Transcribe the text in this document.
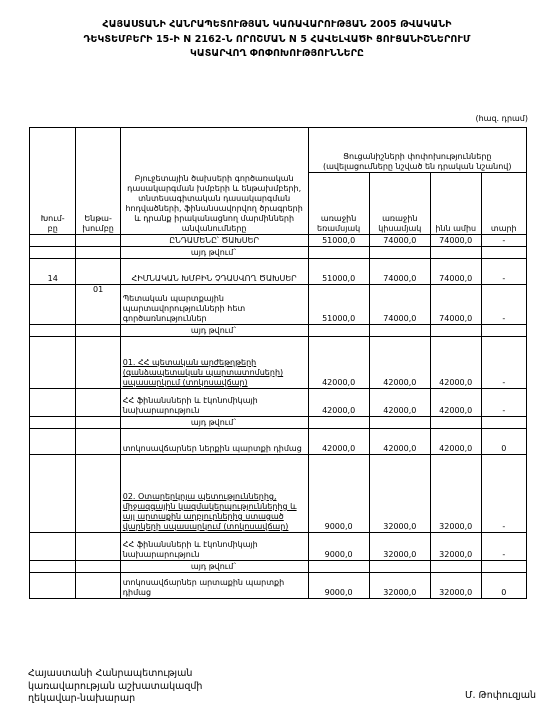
ՀԱՅԱՍՏԱՆԻ ՀԱՆՐԱՊԵՏՈՒԹՅԱՆ ԿԱՌԱՎԱՐՈՒԹՅԱՆ 2005 ԹՎԱԿԱՆԻ
ԴԵԿՏԵՄԲԵՐԻ 15-Ի N 2162-Ն ՈՐՈՇՄԱՆ N 5 ՀԱՎԵԼՎԱԾԻ ՑՈՒՑԱՆԻՇՆԵՐՈՒՄ
ԿԱՏԱՐՎՈՂ ՓՈՓՈԽՈՒԹՅՈՒՆՆԵՐԸ
(հազ. դրամ)
Խում-
բը	Ենթա-
խումբը	Բյուջետային ծախսերի գործառական դասակարգման խմբերի և ենթախմբերի, տնտեսագիտական դասակարգման հոդվածների, ֆինանսավորվող ծրագրերի և դրանք իրականացնող մարմինների անվանումները	Ցուցանիշների փոփոխությունները (ավելացումները նշված են դրական նշանով)			
			առաջին եռամսյակ	առաջին կիսամյակ	ինն ամիս	տարի
		ԸՆԴԱՄԵՆԸ՝ ԾԱԽՍԵՐ	51000,0	74000,0	74000,0	-
		այդ թվում`				
14		ՀԻՄՆԱԿԱՆ ԽՄԲԻՆ ՉԴԱՍՎՈՂ ԾԱԽՍԵՐ	51000,0	74000,0	74000,0	-
	01	Պետական պարտքային պարտավորությունների հետ գործառնություններ	51000,0	74000,0	74000,0	-
		այդ թվում`				
		01. ՀՀ պետական արժեթղթերի (գանձապետական պարտատոմսերի) սպասարկում (տոկոսավճար)	42000,0	42000,0	42000,0	-
		ՀՀ ֆինանսների և էկոնոմիկայի նախարարություն	42000,0	42000,0	42000,0	-
		այդ թվում`				
		տոկոսավճարներ ներքին պարտքի դիմաց	42000,0	42000,0	42000,0	0
		02. Օտարերկրյա պետություններից, միջազգային կազմակերպություններից և այլ արտաքին աղբյուրներից ստացած վարկերի սպասարկում (տոկոսավճար)	9000,0	32000,0	32000,0	-
		ՀՀ ֆինանսների և էկոնոմիկայի նախարարություն	9000,0	32000,0	32000,0	-
		այդ թվում`				
		տոկոսավճարներ արտաքին պարտքի դիմաց	9000,0	32000,0	32000,0	0
Հայաստանի Հանրապետության
կառավարության աշխատակազմի
ղեկավար-նախարար	Մ. Թոփուզյան
